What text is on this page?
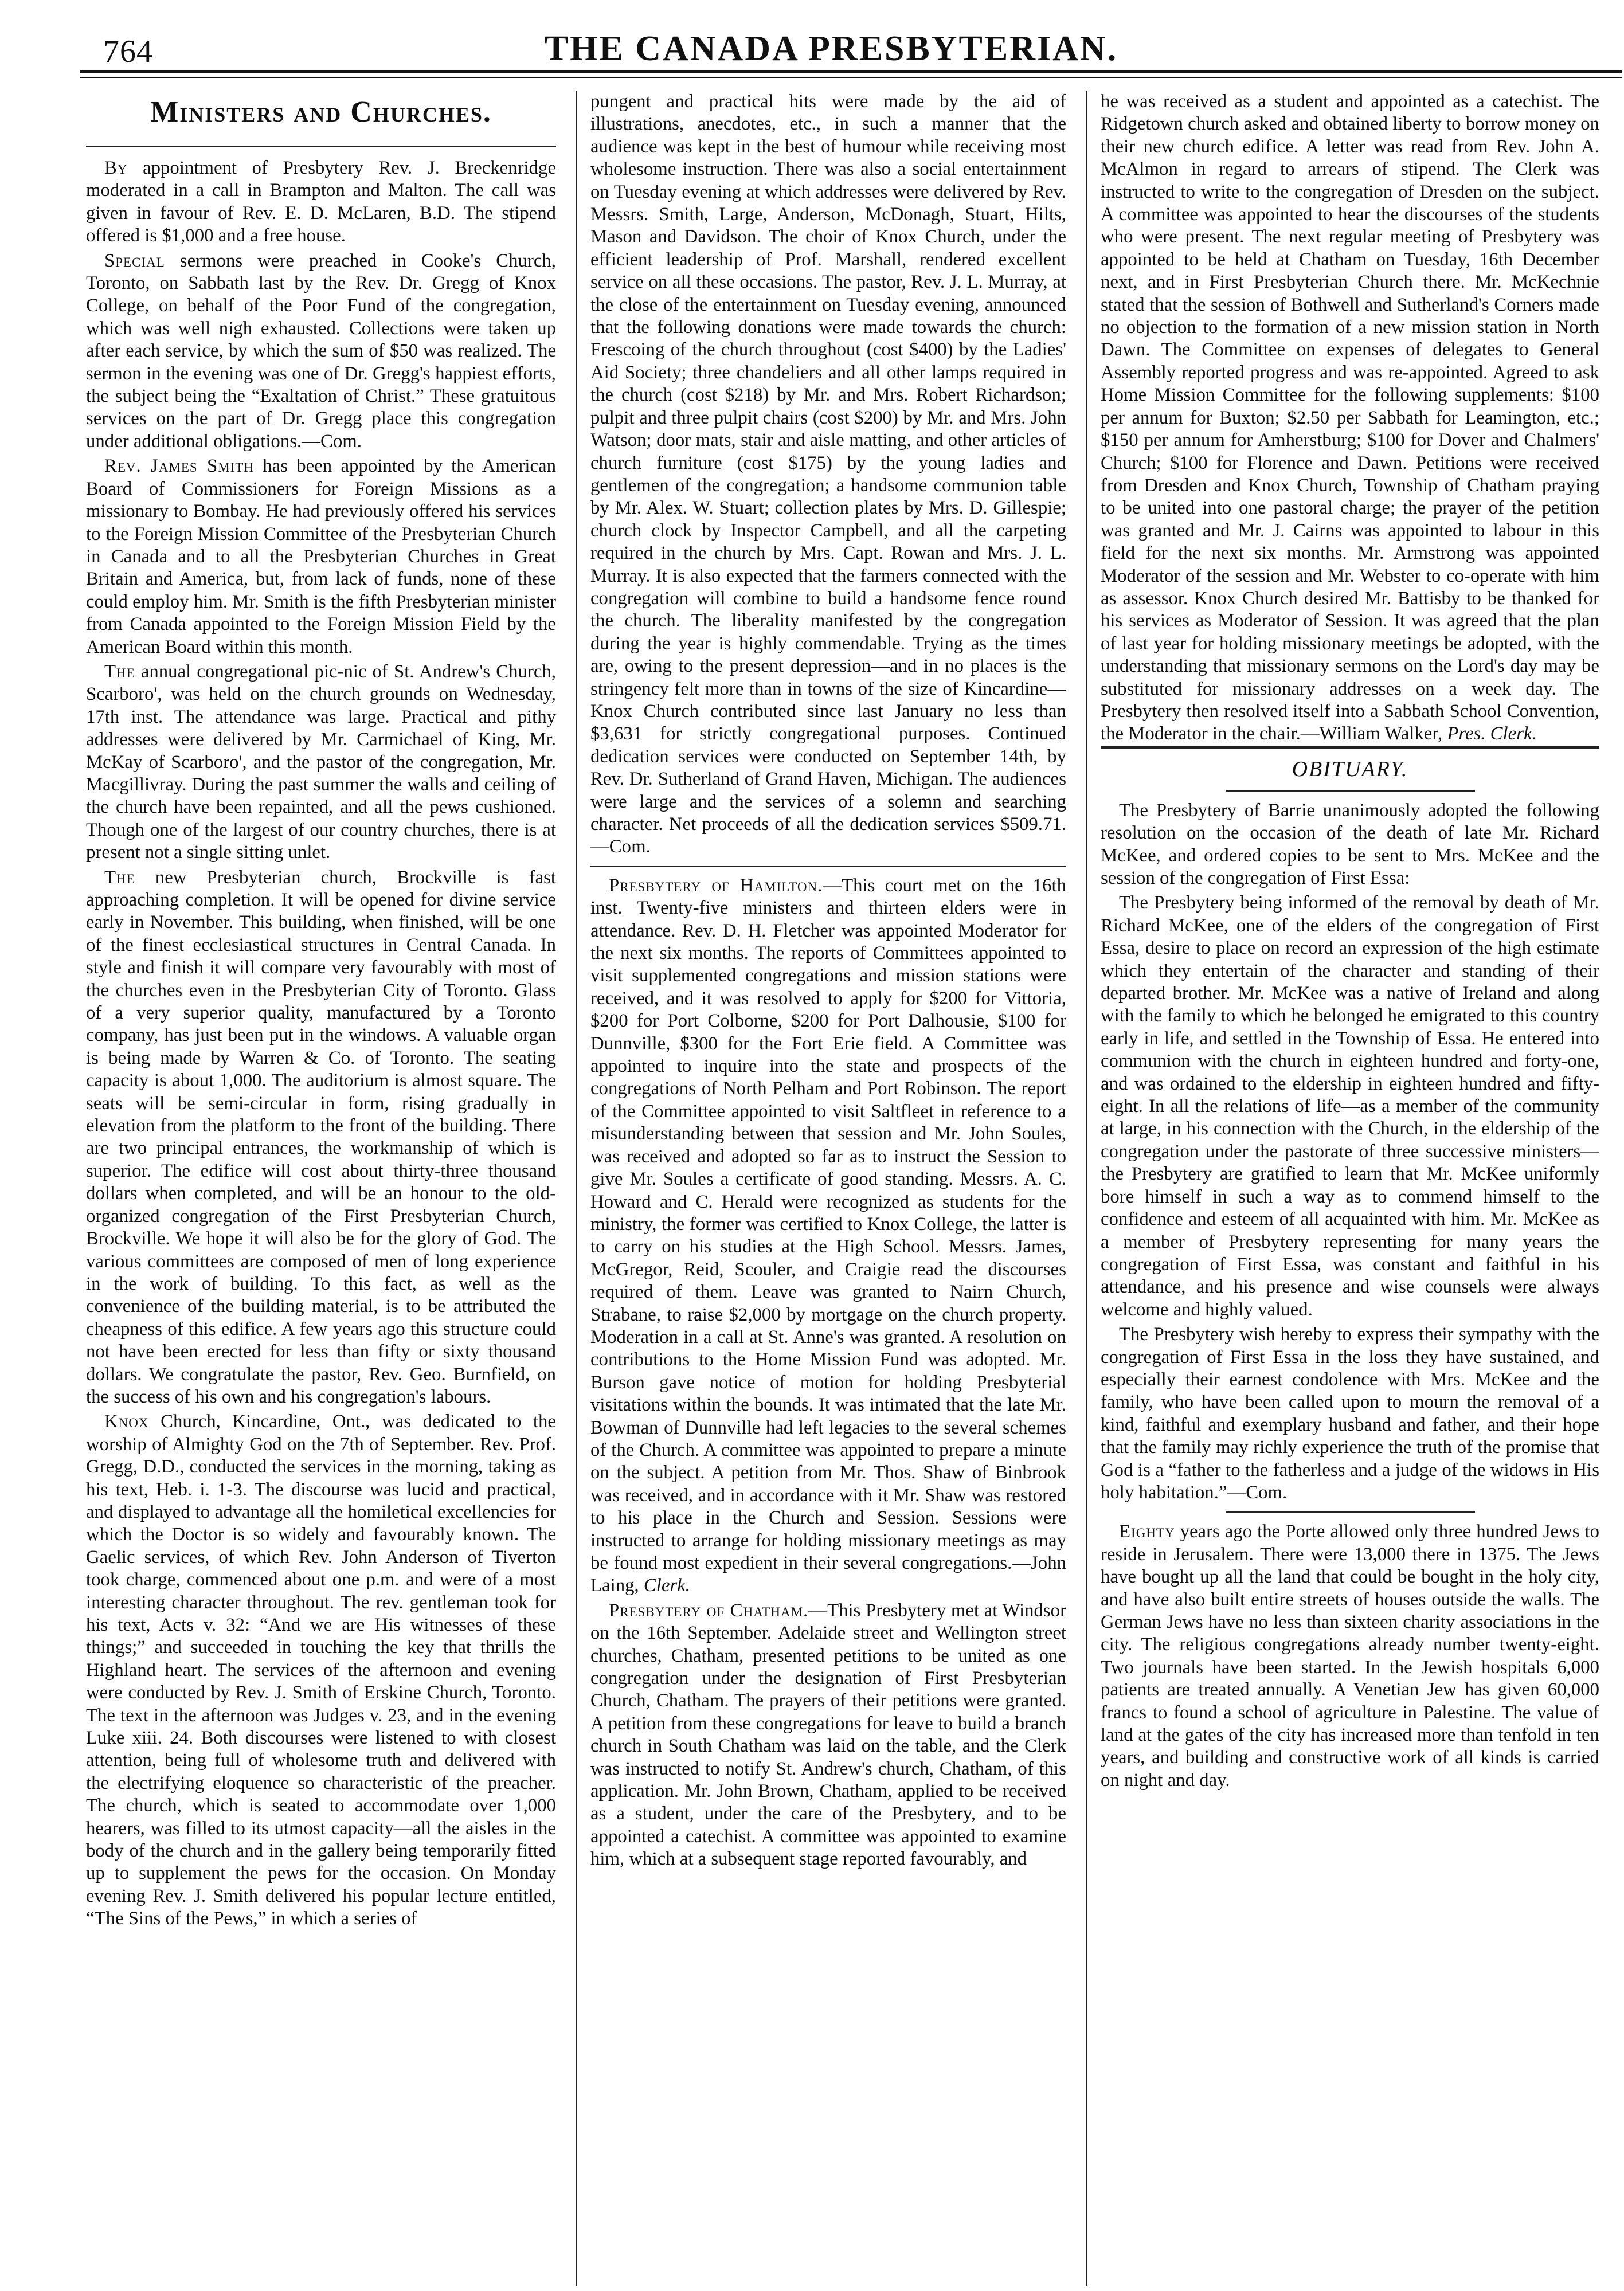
764	THE CANADA PRESBYTERIAN.
Ministers and Churches.

By appointment of Presbytery Rev. J. Breckenridge moderated in a call in Brampton and Malton. The call was given in favour of Rev. E. D. McLaren, B.D. The stipend offered is $1,000 and a free house.

Special sermons were preached in Cooke's Church, Toronto, on Sabbath last by the Rev. Dr. Gregg of Knox College, on behalf of the Poor Fund of the congregation, which was well nigh exhausted. Collections were taken up after each service, by which the sum of $50 was realized. The sermon in the evening was one of Dr. Gregg's happiest efforts, the subject being the “Exaltation of Christ.” These gratuitous services on the part of Dr. Gregg place this congregation under additional obligations.—Com.

Rev. James Smith has been appointed by the American Board of Commissioners for Foreign Missions as a missionary to Bombay. He had previously offered his services to the Foreign Mission Committee of the Presbyterian Church in Canada and to all the Presbyterian Churches in Great Britain and America, but, from lack of funds, none of these could employ him. Mr. Smith is the fifth Presbyterian minister from Canada appointed to the Foreign Mission Field by the American Board within this month.

The annual congregational pic-nic of St. Andrew's Church, Scarboro', was held on the church grounds on Wednesday, 17th inst. The attendance was large. Practical and pithy addresses were delivered by Mr. Carmichael of King, Mr. McKay of Scarboro', and the pastor of the congregation, Mr. Macgillivray. During the past summer the walls and ceiling of the church have been repainted, and all the pews cushioned. Though one of the largest of our country churches, there is at present not a single sitting unlet.

The new Presbyterian church, Brockville is fast approaching completion. It will be opened for divine service early in November. This building, when finished, will be one of the finest ecclesiastical structures in Central Canada. In style and finish it will compare very favourably with most of the churches even in the Presbyterian City of Toronto. Glass of a very superior quality, manufactured by a Toronto company, has just been put in the windows. A valuable organ is being made by Warren & Co. of Toronto. The seating capacity is about 1,000. The auditorium is almost square. The seats will be semi-circular in form, rising gradually in elevation from the platform to the front of the building. There are two principal entrances, the workmanship of which is superior. The edifice will cost about thirty-three thousand dollars when completed, and will be an honour to the old-organized congregation of the First Presbyterian Church, Brockville. We hope it will also be for the glory of God. The various committees are composed of men of long experience in the work of building. To this fact, as well as the convenience of the building material, is to be attributed the cheapness of this edifice. A few years ago this structure could not have been erected for less than fifty or sixty thousand dollars. We congratulate the pastor, Rev. Geo. Burnfield, on the success of his own and his congregation's labours.

Knox Church, Kincardine, Ont., was dedicated to the worship of Almighty God on the 7th of September. Rev. Prof. Gregg, D.D., conducted the services in the morning, taking as his text, Heb. i. 1-3. The discourse was lucid and practical, and displayed to advantage all the homiletical excellencies for which the Doctor is so widely and favourably known. The Gaelic services, of which Rev. John Anderson of Tiverton took charge, commenced about one p.m. and were of a most interesting character throughout. The rev. gentleman took for his text, Acts v. 32: “And we are His witnesses of these things;” and succeeded in touching the key that thrills the Highland heart. The services of the afternoon and evening were conducted by Rev. J. Smith of Erskine Church, Toronto. The text in the afternoon was Judges v. 23, and in the evening Luke xiii. 24. Both discourses were listened to with closest attention, being full of wholesome truth and delivered with the electrifying eloquence so characteristic of the preacher. The church, which is seated to accommodate over 1,000 hearers, was filled to its utmost capacity—all the aisles in the body of the church and in the gallery being temporarily fitted up to supplement the pews for the occasion. On Monday evening Rev. J. Smith delivered his popular lecture entitled, “The Sins of the Pews,” in which a series of

pungent and practical hits were made by the aid of illustrations, anecdotes, etc., in such a manner that the audience was kept in the best of humour while receiving most wholesome instruction. There was also a social entertainment on Tuesday evening at which addresses were delivered by Rev. Messrs. Smith, Large, Anderson, McDonagh, Stuart, Hilts, Mason and Davidson. The choir of Knox Church, under the efficient leadership of Prof. Marshall, rendered excellent service on all these occasions. The pastor, Rev. J. L. Murray, at the close of the entertainment on Tuesday evening, announced that the following donations were made towards the church: Frescoing of the church throughout (cost $400) by the Ladies' Aid Society; three chandeliers and all other lamps required in the church (cost $218) by Mr. and Mrs. Robert Richardson; pulpit and three pulpit chairs (cost $200) by Mr. and Mrs. John Watson; door mats, stair and aisle matting, and other articles of church furniture (cost $175) by the young ladies and gentlemen of the congregation; a handsome communion table by Mr. Alex. W. Stuart; collection plates by Mrs. D. Gillespie; church clock by Inspector Campbell, and all the carpeting required in the church by Mrs. Capt. Rowan and Mrs. J. L. Murray. It is also expected that the farmers connected with the congregation will combine to build a handsome fence round the church. The liberality manifested by the congregation during the year is highly commendable. Trying as the times are, owing to the present depression—and in no places is the stringency felt more than in towns of the size of Kincardine—Knox Church contributed since last January no less than $3,631 for strictly congregational purposes. Continued dedication services were conducted on September 14th, by Rev. Dr. Sutherland of Grand Haven, Michigan. The audiences were large and the services of a solemn and searching character. Net proceeds of all the dedication services $509.71.—Com.

Presbytery of Hamilton.—This court met on the 16th inst. Twenty-five ministers and thirteen elders were in attendance. Rev. D. H. Fletcher was appointed Moderator for the next six months. The reports of Committees appointed to visit supplemented congregations and mission stations were received, and it was resolved to apply for $200 for Vittoria, $200 for Port Colborne, $200 for Port Dalhousie, $100 for Dunnville, $300 for the Fort Erie field. A Committee was appointed to inquire into the state and prospects of the congregations of North Pelham and Port Robinson. The report of the Committee appointed to visit Saltfleet in reference to a misunderstanding between that session and Mr. John Soules, was received and adopted so far as to instruct the Session to give Mr. Soules a certificate of good standing. Messrs. A. C. Howard and C. Herald were recognized as students for the ministry, the former was certified to Knox College, the latter is to carry on his studies at the High School. Messrs. James, McGregor, Reid, Scouler, and Craigie read the discourses required of them. Leave was granted to Nairn Church, Strabane, to raise $2,000 by mortgage on the church property. Moderation in a call at St. Anne's was granted. A resolution on contributions to the Home Mission Fund was adopted. Mr. Burson gave notice of motion for holding Presbyterial visitations within the bounds. It was intimated that the late Mr. Bowman of Dunnville had left legacies to the several schemes of the Church. A committee was appointed to prepare a minute on the subject. A petition from Mr. Thos. Shaw of Binbrook was received, and in accordance with it Mr. Shaw was restored to his place in the Church and Session. Sessions were instructed to arrange for holding missionary meetings as may be found most expedient in their several congregations.—John Laing, Clerk.

Presbytery of Chatham.—This Presbytery met at Windsor on the 16th September. Adelaide street and Wellington street churches, Chatham, presented petitions to be united as one congregation under the designation of First Presbyterian Church, Chatham. The prayers of their petitions were granted. A petition from these congregations for leave to build a branch church in South Chatham was laid on the table, and the Clerk was instructed to notify St. Andrew's church, Chatham, of this application. Mr. John Brown, Chatham, applied to be received as a student, under the care of the Presbytery, and to be appointed a catechist. A committee was appointed to examine him, which at a subsequent stage reported favourably, and

he was received as a student and appointed as a catechist. The Ridgetown church asked and obtained liberty to borrow money on their new church edifice. A letter was read from Rev. John A. McAlmon in regard to arrears of stipend. The Clerk was instructed to write to the congregation of Dresden on the subject. A committee was appointed to hear the discourses of the students who were present. The next regular meeting of Presbytery was appointed to be held at Chatham on Tuesday, 16th December next, and in First Presbyterian Church there. Mr. McKechnie stated that the session of Bothwell and Sutherland's Corners made no objection to the formation of a new mission station in North Dawn. The Committee on expenses of delegates to General Assembly reported progress and was re-appointed. Agreed to ask Home Mission Committee for the following supplements: $100 per annum for Buxton; $2.50 per Sabbath for Leamington, etc.; $150 per annum for Amherstburg; $100 for Dover and Chalmers' Church; $100 for Florence and Dawn. Petitions were received from Dresden and Knox Church, Township of Chatham praying to be united into one pastoral charge; the prayer of the petition was granted and Mr. J. Cairns was appointed to labour in this field for the next six months. Mr. Armstrong was appointed Moderator of the session and Mr. Webster to co-operate with him as assessor. Knox Church desired Mr. Battisby to be thanked for his services as Moderator of Session. It was agreed that the plan of last year for holding missionary meetings be adopted, with the understanding that missionary sermons on the Lord's day may be substituted for missionary addresses on a week day. The Presbytery then resolved itself into a Sabbath School Convention, the Moderator in the chair.—William Walker, Pres. Clerk.

OBITUARY.

The Presbytery of Barrie unanimously adopted the following resolution on the occasion of the death of late Mr. Richard McKee, and ordered copies to be sent to Mrs. McKee and the session of the congregation of First Essa:

The Presbytery being informed of the removal by death of Mr. Richard McKee, one of the elders of the congregation of First Essa, desire to place on record an expression of the high estimate which they entertain of the character and standing of their departed brother. Mr. McKee was a native of Ireland and along with the family to which he belonged he emigrated to this country early in life, and settled in the Township of Essa. He entered into communion with the church in eighteen hundred and forty-one, and was ordained to the eldership in eighteen hundred and fifty-eight. In all the relations of life—as a member of the community at large, in his connection with the Church, in the eldership of the congregation under the pastorate of three successive ministers—the Presbytery are gratified to learn that Mr. McKee uniformly bore himself in such a way as to commend himself to the confidence and esteem of all acquainted with him. Mr. McKee as a member of Presbytery representing for many years the congregation of First Essa, was constant and faithful in his attendance, and his presence and wise counsels were always welcome and highly valued.

The Presbytery wish hereby to express their sympathy with the congregation of First Essa in the loss they have sustained, and especially their earnest condolence with Mrs. McKee and the family, who have been called upon to mourn the removal of a kind, faithful and exemplary husband and father, and their hope that the family may richly experience the truth of the promise that God is a “father to the fatherless and a judge of the widows in His holy habitation.”—Com.

Eighty years ago the Porte allowed only three hundred Jews to reside in Jerusalem. There were 13,000 there in 1375. The Jews have bought up all the land that could be bought in the holy city, and have also built entire streets of houses outside the walls. The German Jews have no less than sixteen charity associations in the city. The religious congregations already number twenty-eight. Two journals have been started. In the Jewish hospitals 6,000 patients are treated annually. A Venetian Jew has given 60,000 francs to found a school of agriculture in Palestine. The value of land at the gates of the city has increased more than tenfold in ten years, and building and constructive work of all kinds is carried on night and day.
